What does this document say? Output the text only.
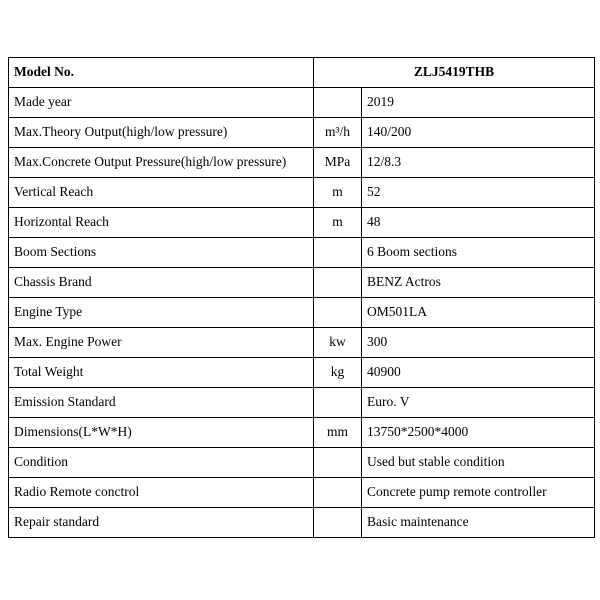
Model No.	ZLJ5419THB	
Made year		2019
Max.Theory Output(high/low pressure)	m³/h	140/200
Max.Concrete Output Pressure(high/low pressure)	MPa	12/8.3
Vertical Reach	m	52
Horizontal Reach	m	48
Boom Sections		6 Boom sections
Chassis Brand		BENZ Actros
Engine Type		OM501LA
Max. Engine Power	kw	300
Total Weight	kg	40900
Emission Standard		Euro. V
Dimensions(L*W*H)	mm	13750*2500*4000
Condition		Used but stable condition
Radio Remote conctrol		Concrete pump remote controller
Repair standard		Basic maintenance
